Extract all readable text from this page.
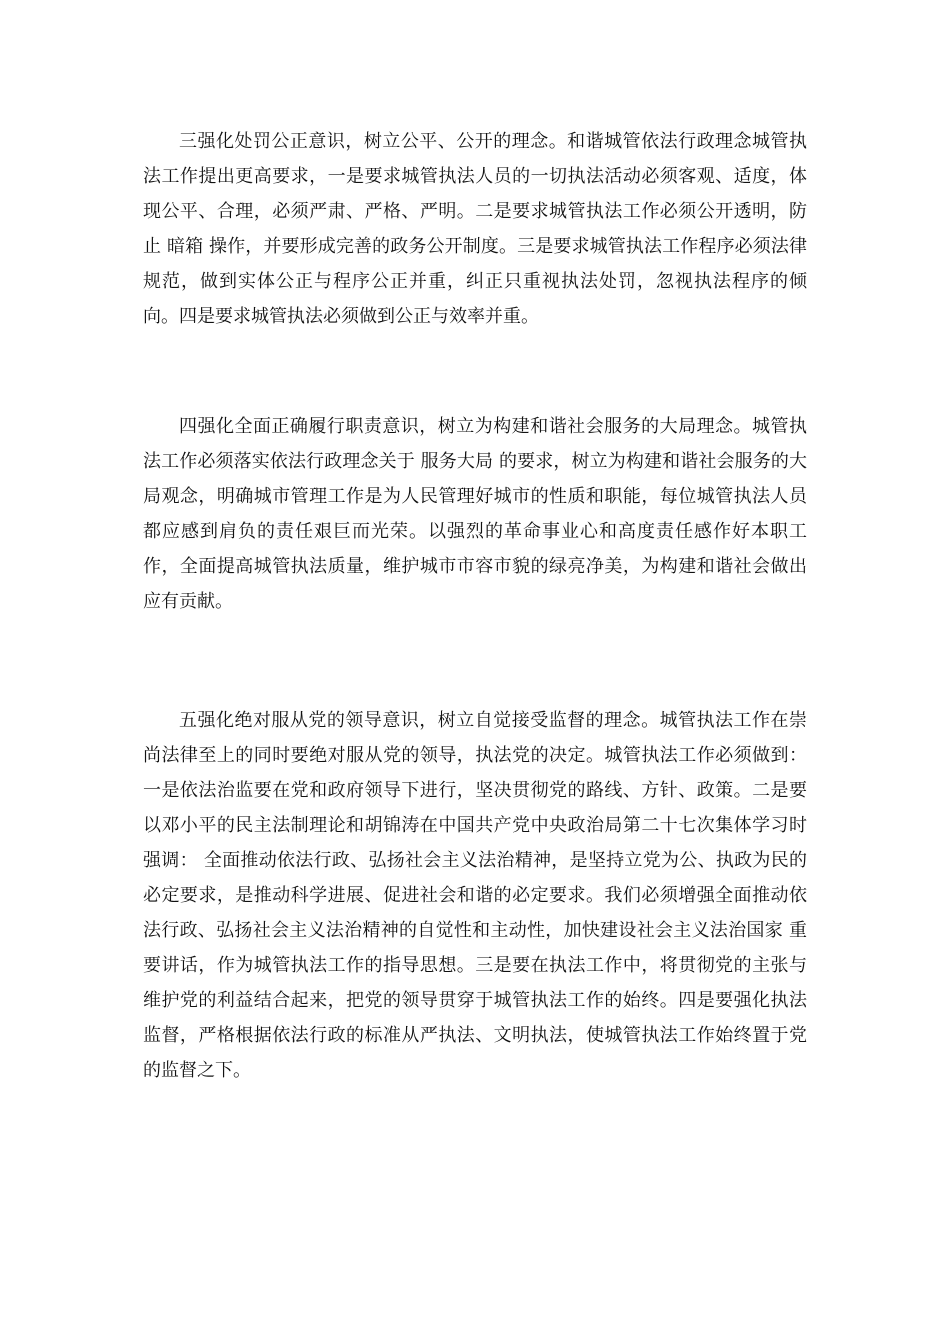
三强化处罚公正意识，树立公平、公开的理念。和谐城管依法行政理念城管执法工作提出更高要求，一是要求城管执法人员的一切执法活动必须客观、适度，体现公平、合理，必须严肃、严格、严明。二是要求城管执法工作必须公开透明，防止 暗箱 操作，并要形成完善的政务公开制度。三是要求城管执法工作程序必须法律规范，做到实体公正与程序公正并重，纠正只重视执法处罚，忽视执法程序的倾向。四是要求城管执法必须做到公正与效率并重。

四强化全面正确履行职责意识，树立为构建和谐社会服务的大局理念。城管执法工作必须落实依法行政理念关于 服务大局 的要求，树立为构建和谐社会服务的大局观念，明确城市管理工作是为人民管理好城市的性质和职能，每位城管执法人员都应感到肩负的责任艰巨而光荣。以强烈的革命事业心和高度责任感作好本职工作，全面提高城管执法质量，维护城市市容市貌的绿亮净美，为构建和谐社会做出应有贡献。

五强化绝对服从党的领导意识，树立自觉接受监督的理念。城管执法工作在崇尚法律至上的同时要绝对服从党的领导，执法党的决定。城管执法工作必须做到：一是依法治监要在党和政府领导下进行，坚决贯彻党的路线、方针、政策。二是要以邓小平的民主法制理论和胡锦涛在中国共产党中央政治局第二十七次集体学习时强调： 全面推动依法行政、弘扬社会主义法治精神，是坚持立党为公、执政为民的必定要求，是推动科学进展、促进社会和谐的必定要求。我们必须增强全面推动依法行政、弘扬社会主义法治精神的自觉性和主动性，加快建设社会主义法治国家 重要讲话，作为城管执法工作的指导思想。三是要在执法工作中，将贯彻党的主张与维护党的利益结合起来，把党的领导贯穿于城管执法工作的始终。四是要强化执法监督，严格根据依法行政的标准从严执法、文明执法，使城管执法工作始终置于党的监督之下。
